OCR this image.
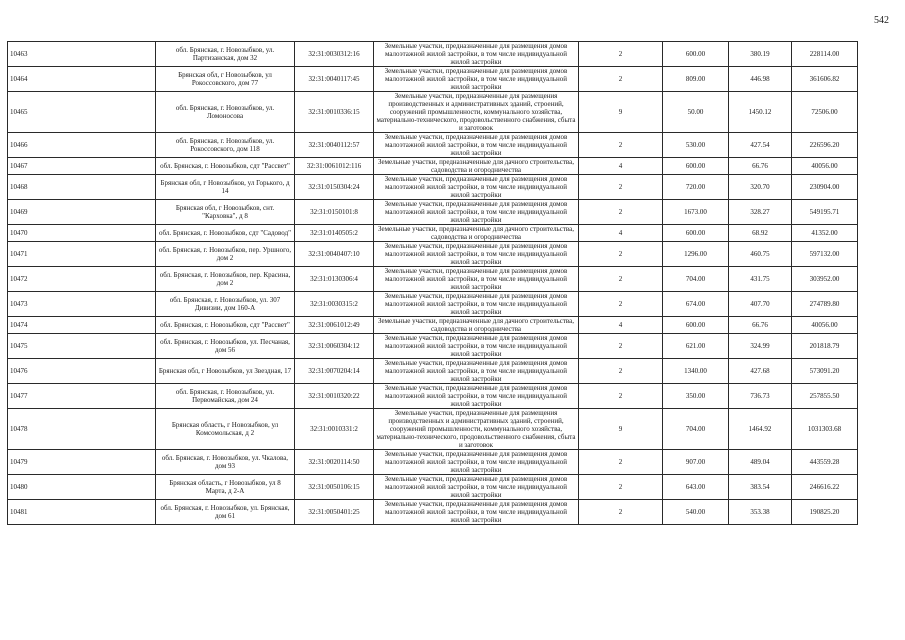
542
10463	обл. Брянская, г. Новозыбков, ул. Партизанская, дом 32	32:31:0030312:16	Земельные участки, предназначенные для размещения домов малоэтажной жилой застройки, в том числе индивидуальной жилой застройки	2	600.00	380.19	228114.00
10464	Брянская обл, г Новозыбков, ул Рокоссовского, дом 77	32:31:0040117:45	Земельные участки, предназначенные для размещения домов малоэтажной жилой застройки, в том числе индивидуальной жилой застройки	2	809.00	446.98	361606.82
10465	обл. Брянская, г. Новозыбков, ул. Ломоносова	32:31:0010336:15	Земельные участки, предназначенные для размещения производственных и административных зданий, строений, сооружений промышленности, коммунального хозяйства, материально-технического, продовольственного снабжения, сбыта и заготовок	9	50.00	1450.12	72506.00
10466	обл. Брянская, г. Новозыбков, ул. Рокоссовского, дом 118	32:31:0040112:57	Земельные участки, предназначенные для размещения домов малоэтажной жилой застройки, в том числе индивидуальной жилой застройки	2	530.00	427.54	226596.20
10467	обл. Брянская, г. Новозыбков, сдт "Рассвет"	32:31:0061012:116	Земельные участки, предназначенные для дачного строительства, садоводства и огородничества	4	600.00	66.76	40056.00
10468	Брянская обл, г Новозыбков, ул Горького, д 14	32:31:0150304:24	Земельные участки, предназначенные для размещения домов малоэтажной жилой застройки, в том числе индивидуальной жилой застройки	2	720.00	320.70	230904.00
10469	Брянская обл, г Новозыбков, снт. "Карховка", д 8	32:31:0150101:8	Земельные участки, предназначенные для размещения домов малоэтажной жилой застройки, в том числе индивидуальной жилой застройки	2	1673.00	328.27	549195.71
10470	обл. Брянская, г. Новозыбков, сдт "Садовод"	32:31:0140505:2	Земельные участки, предназначенные для дачного строительства, садоводства и огородничества	4	600.00	68.92	41352.00
10471	обл. Брянская, г. Новозыбков, пер. Уршного, дом 2	32:31:0040407:10	Земельные участки, предназначенные для размещения домов малоэтажной жилой застройки, в том числе индивидуальной жилой застройки	2	1296.00	460.75	597132.00
10472	обл. Брянская, г. Новозыбков, пер. Красина, дом 2	32:31:0130306:4	Земельные участки, предназначенные для размещения домов малоэтажной жилой застройки, в том числе индивидуальной жилой застройки	2	704.00	431.75	303952.00
10473	обл. Брянская, г. Новозыбков, ул. 307 Дивизии, дом 160-А	32:31:0030315:2	Земельные участки, предназначенные для размещения домов малоэтажной жилой застройки, в том числе индивидуальной жилой застройки	2	674.00	407.70	274789.80
10474	обл. Брянская, г. Новозыбков, сдт "Рассвет"	32:31:0061012:49	Земельные участки, предназначенные для дачного строительства, садоводства и огородничества	4	600.00	66.76	40056.00
10475	обл. Брянская, г. Новозыбков, ул. Песчаная, дом 56	32:31:0060304:12	Земельные участки, предназначенные для размещения домов малоэтажной жилой застройки, в том числе индивидуальной жилой застройки	2	621.00	324.99	201818.79
10476	Брянская обл, г Новозыбков, ул Звездная, 17	32:31:0070204:14	Земельные участки, предназначенные для размещения домов малоэтажной жилой застройки, в том числе индивидуальной жилой застройки	2	1340.00	427.68	573091.20
10477	обл. Брянская, г. Новозыбков, ул. Первомайская, дом 24	32:31:0010320:22	Земельные участки, предназначенные для размещения домов малоэтажной жилой застройки, в том числе индивидуальной жилой застройки	2	350.00	736.73	257855.50
10478	Брянская область, г Новозыбков, ул Комсомольская, д 2	32:31:0010331:2	Земельные участки, предназначенные для размещения производственных и административных зданий, строений, сооружений промышленности, коммунального хозяйства, материально-технического, продовольственного снабжения, сбыта и заготовок	9	704.00	1464.92	1031303.68
10479	обл. Брянская, г. Новозыбков, ул. Чкалова, дом 93	32:31:0020114:50	Земельные участки, предназначенные для размещения домов малоэтажной жилой застройки, в том числе индивидуальной жилой застройки	2	907.00	489.04	443559.28
10480	Брянская область, г Новозыбков, ул 8 Марта, д 2-А	32:31:0050106:15	Земельные участки, предназначенные для размещения домов малоэтажной жилой застройки, в том числе индивидуальной жилой застройки	2	643.00	383.54	246616.22
10481	обл. Брянская, г. Новозыбков, ул. Брянская, дом 61	32:31:0050401:25	Земельные участки, предназначенные для размещения домов малоэтажной жилой застройки, в том числе индивидуальной жилой застройки	2	540.00	353.38	190825.20
